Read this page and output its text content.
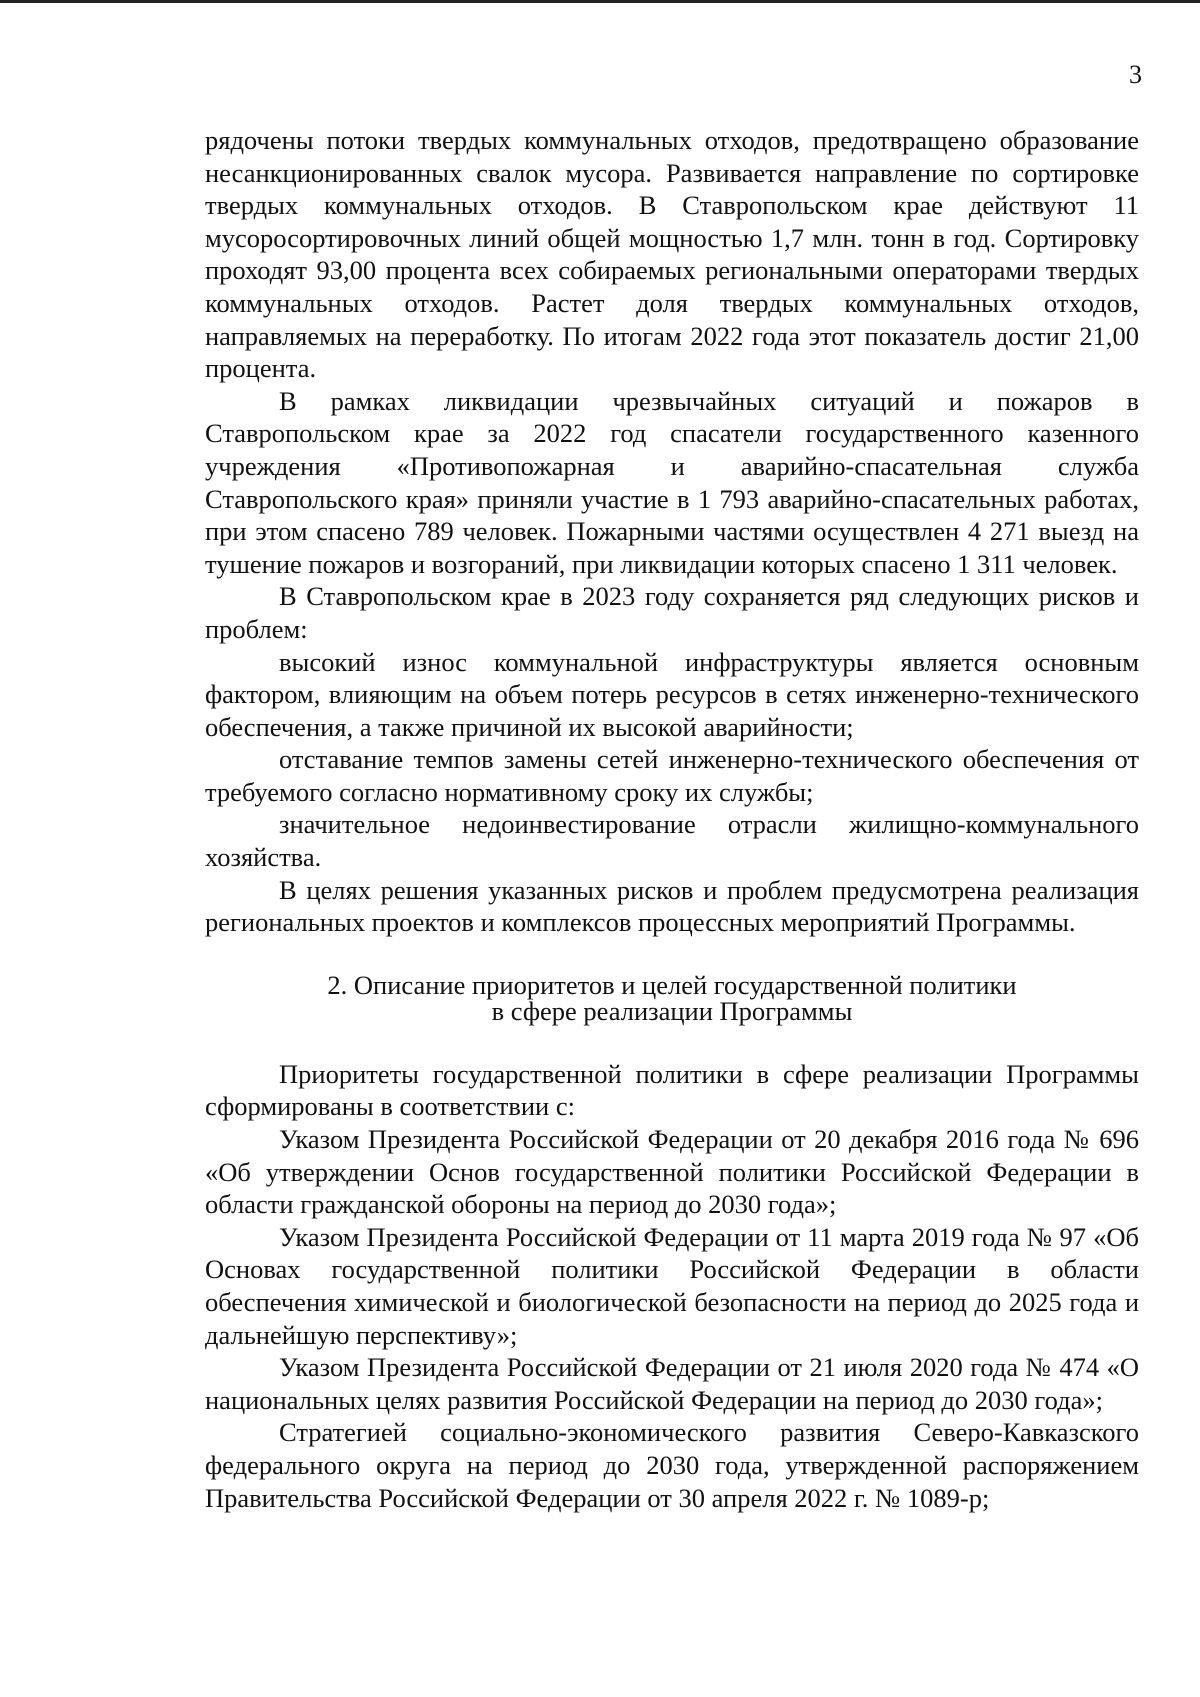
3

рядочены потоки твердых коммунальных отходов, предотвращено образование несанкционированных свалок мусора. Развивается направление по сортировке твердых коммунальных отходов. В Ставропольском крае действуют 11 мусоросортировочных линий общей мощностью 1,7 млн. тонн в год. Сортировку проходят 93,00 процента всех собираемых региональными операторами твердых коммунальных отходов. Растет доля твердых коммунальных отходов, направляемых на переработку. По итогам 2022 года этот показатель достиг 21,00 процента.

В рамках ликвидации чрезвычайных ситуаций и пожаров в Ставропольском крае за 2022 год спасатели государственного казенного учреждения «Противопожарная и аварийно-спасательная служба Ставропольского края» приняли участие в 1 793 аварийно-спасательных работах, при этом спасено 789 человек. Пожарными частями осуществлен 4 271 выезд на тушение пожаров и возгораний, при ликвидации которых спасено 1 311 человек.

В Ставропольском крае в 2023 году сохраняется ряд следующих рисков и проблем:

высокий износ коммунальной инфраструктуры является основным фактором, влияющим на объем потерь ресурсов в сетях инженерно-технического обеспечения, а также причиной их высокой аварийности;

отставание темпов замены сетей инженерно-технического обеспечения от требуемого согласно нормативному сроку их службы;

значительное недоинвестирование отрасли жилищно-коммунального хозяйства.

В целях решения указанных рисков и проблем предусмотрена реализация региональных проектов и комплексов процессных мероприятий Программы.

2. Описание приоритетов и целей государственной политики
в сфере реализации Программы

Приоритеты государственной политики в сфере реализации Программы сформированы в соответствии с:

Указом Президента Российской Федерации от 20 декабря 2016 года № 696 «Об утверждении Основ государственной политики Российской Федерации в области гражданской обороны на период до 2030 года»;

Указом Президента Российской Федерации от 11 марта 2019 года № 97 «Об Основах государственной политики Российской Федерации в области обеспечения химической и биологической безопасности на период до 2025 года и дальнейшую перспективу»;

Указом Президента Российской Федерации от 21 июля 2020 года № 474 «О национальных целях развития Российской Федерации на период до 2030 года»;

Стратегией социально-экономического развития Северо-Кавказского федерального округа на период до 2030 года, утвержденной распоряжением Правительства Российской Федерации от 30 апреля 2022 г. № 1089-р;
